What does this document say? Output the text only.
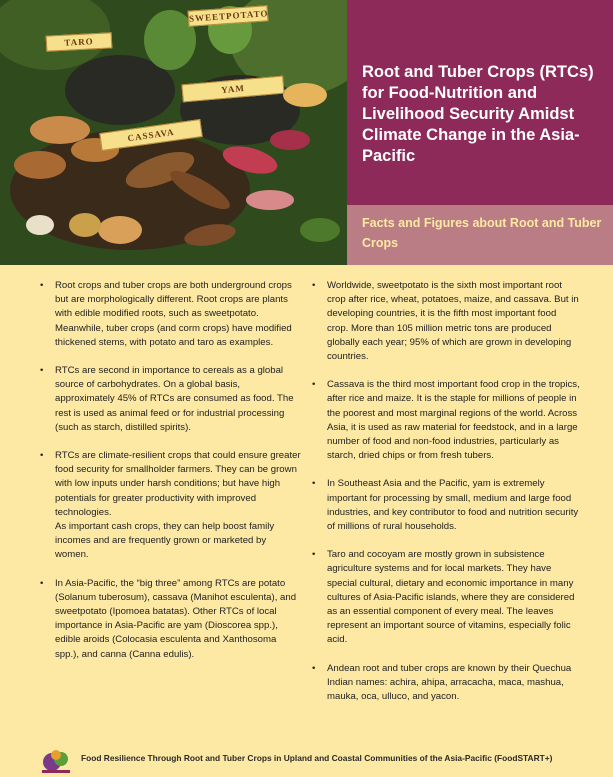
TARO
SWEETPOTATO
YAM
CASSAVA
Root and Tuber Crops (RTCs) for Food-Nutrition and Livelihood Security Amidst Climate Change in the Asia-Pacific
Facts and Figures about Root and Tuber Crops
• Root crops and tuber crops are both underground crops but are morphologically different. Root crops are plants with edible modified roots, such as sweetpotato. Meanwhile, tuber crops (and corm crops) have modified thickened stems, with potato and taro as examples.
• RTCs are second in importance to cereals as a global source of carbohydrates. On a global basis, approximately 45% of RTCs are consumed as food. The rest is used as animal feed or for industrial processing (such as starch, distilled spirits).
• RTCs are climate-resilient crops that could ensure greater food security for smallholder farmers. They can be grown with low inputs under harsh conditions; but have high potentials for greater productivity with improved technologies.
As important cash crops, they can help boost family incomes and are frequently grown or marketed by women.
• In Asia-Pacific, the “big three” among RTCs are potato (Solanum tuberosum), cassava (Manihot esculenta), and sweetpotato (Ipomoea batatas). Other RTCs of local importance in Asia-Pacific are yam (Dioscorea spp.), edible aroids (Colocasia esculenta and Xanthosoma spp.), and canna (Canna edulis).
• Worldwide, sweetpotato is the sixth most important root crop after rice, wheat, potatoes, maize, and cassava. But in developing countries, it is the fifth most important food crop. More than 105 million metric tons are produced globally each year; 95% of which are grown in developing countries.
• Cassava is the third most important food crop in the tropics, after rice and maize. It is the staple for millions of people in the poorest and most marginal regions of the world. Across Asia, it is used as raw material for feedstock, and in a large number of food and non-food industries, particularly as starch, dried chips or from fresh tubers.
• In Southeast Asia and the Pacific, yam is extremely important for processing by small, medium and large food industries, and key contributor to food and nutrition security of millions of rural households.
• Taro and cocoyam are mostly grown in subsistence agriculture systems and for local markets. They have special cultural, dietary and economic importance in many cultures of Asia-Pacific islands, where they are considered as an essential component of every meal. The leaves represent an important source of vitamins, especially folic acid.
• Andean root and tuber crops are known by their Quechua Indian names: achira, ahipa, arracacha, maca, mashua, mauka, oca, ulluco, and yacon.
Food Resilience Through Root and Tuber Crops in Upland and Coastal Communities of the Asia-Pacific (FoodSTART+)
